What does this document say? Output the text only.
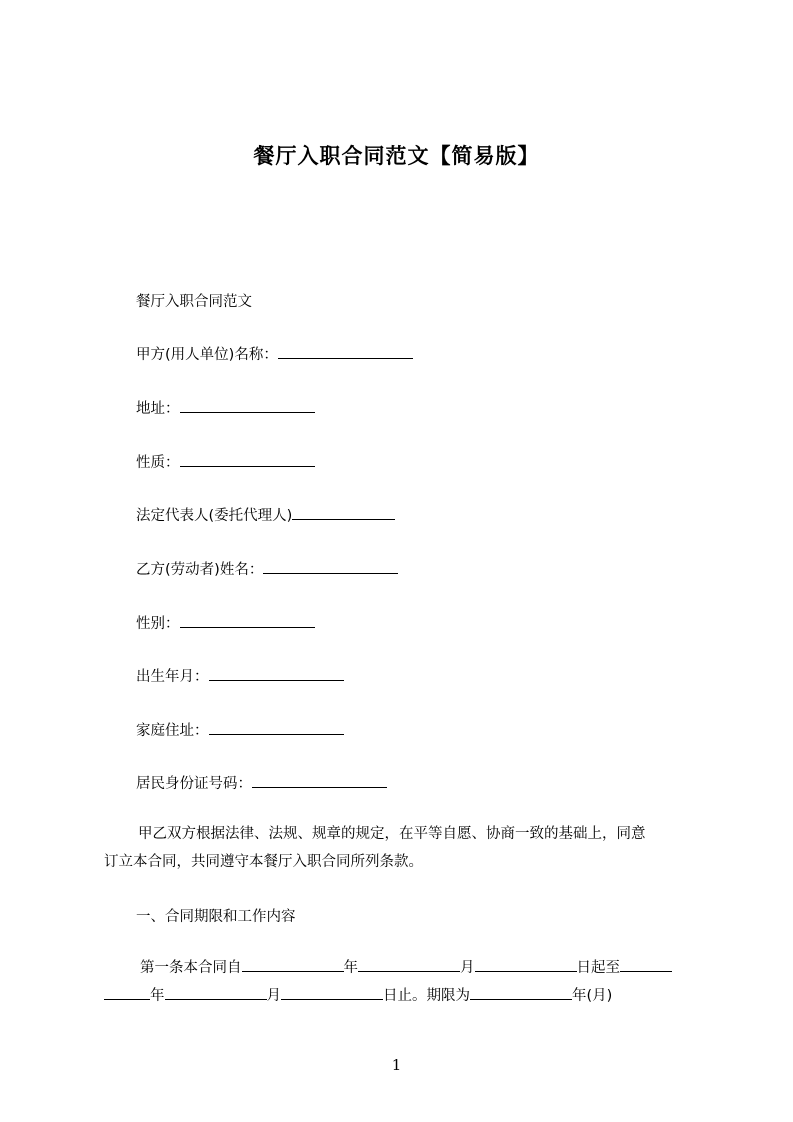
餐厅入职合同范文【简易版】
餐厅入职合同范文
甲方(用人单位)名称：
地址：
性质：
法定代表人(委托代理人)
乙方(劳动者)姓名：
性别：
出生年月：
家庭住址：
居民身份证号码：
甲乙双方根据法律、法规、规章的规定，在平等自愿、协商一致的基础上，同意
订立本合同，共同遵守本餐厅入职合同所列条款。
一、合同期限和工作内容
第一条本合同自	年	月	日起至
年	月	日止。期限为	年(月)
1
